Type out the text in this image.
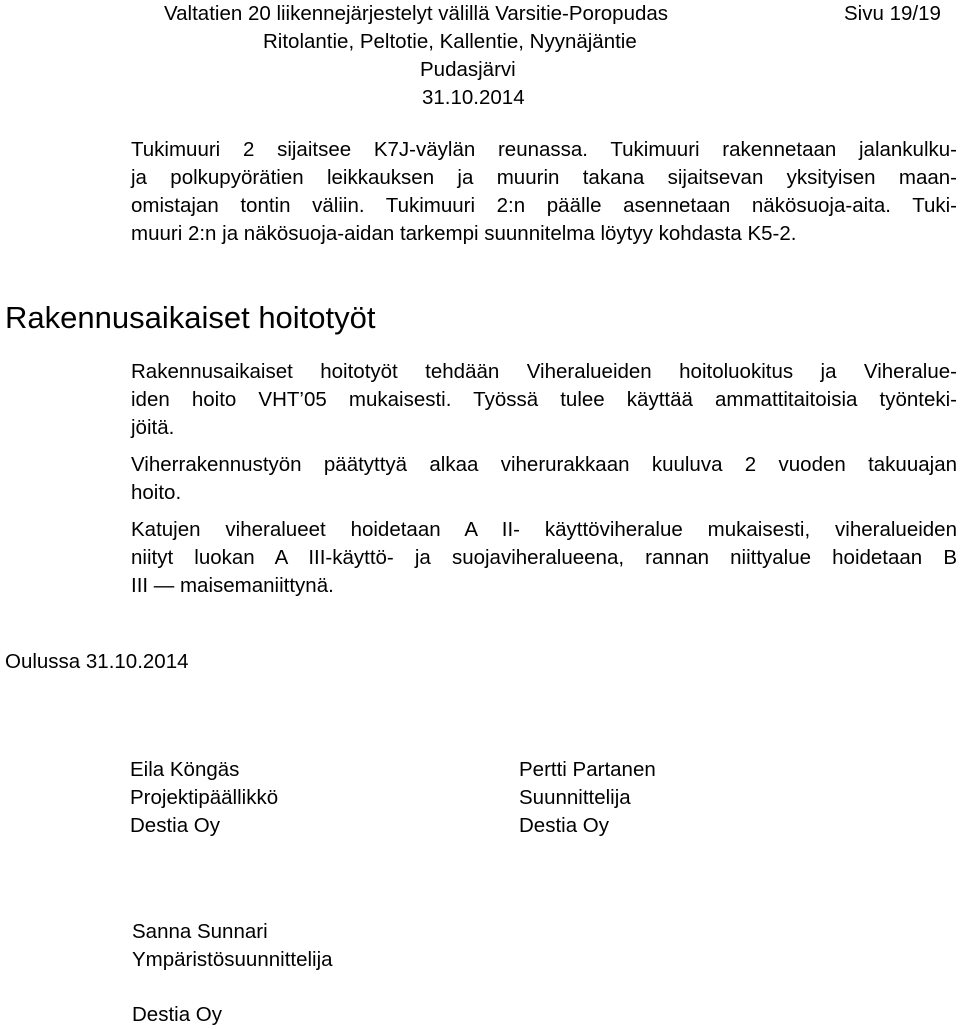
Valtatien 20 liikennejärjestelyt välillä Varsitie-Poropudas	Sivu 19/19
Ritolantie, Peltotie, Kallentie, Nyynäjäntie
Pudasjärvi
31.10.2014
Tukimuuri 2 sijaitsee K7J-väylän reunassa. Tukimuuri rakennetaan jalankulku-
ja polkupyörätien leikkauksen ja muurin takana sijaitsevan yksityisen maan-
omistajan tontin väliin. Tukimuuri 2:n päälle asennetaan näkösuoja-aita. Tuki-
muuri 2:n ja näkösuoja-aidan tarkempi suunnitelma löytyy kohdasta K5-2.
Rakennusaikaiset hoitotyöt
Rakennusaikaiset hoitotyöt tehdään Viheralueiden hoitoluokitus ja Viheralue-
iden hoito VHT’05 mukaisesti. Työssä tulee käyttää ammattitaitoisia työnteki-
jöitä.
Viherrakennustyön päätyttyä alkaa viherurakkaan kuuluva 2 vuoden takuuajan
hoito.
Katujen viheralueet hoidetaan A II- käyttöviheralue mukaisesti, viheralueiden
niityt luokan A III-käyttö- ja suojaviheralueena, rannan niittyalue hoidetaan B
III — maisemaniittynä.
Oulussa 31.10.2014
Eila Köngäs
Projektipäällikkö
Destia Oy
Pertti Partanen
Suunnittelija
Destia Oy
Sanna Sunnari
Ympäristösuunnittelija
Destia Oy
